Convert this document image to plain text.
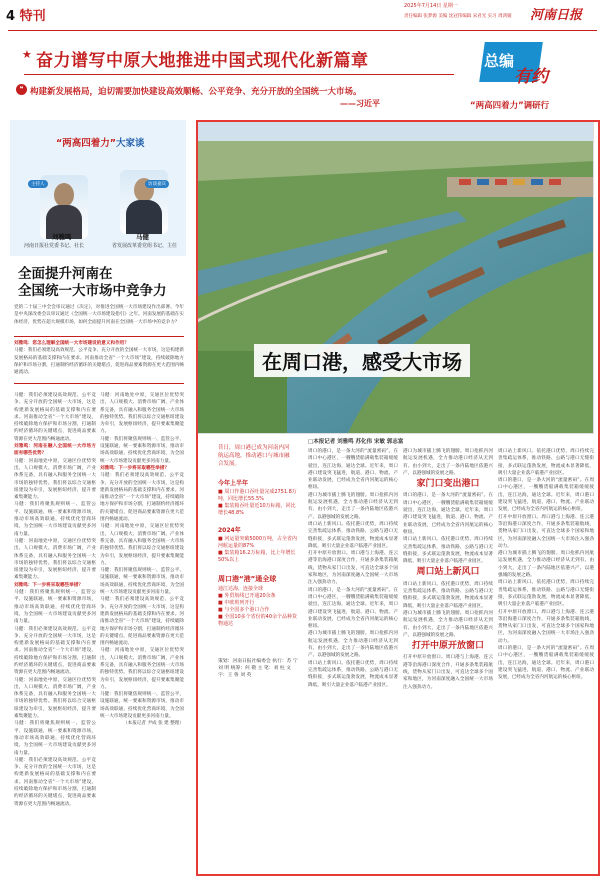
4 特刊
2025年7月14日 星期一
责任编辑 张梦源 美编 沈冠伟编辑 宋君光 实习 周鸿媛	河南日报
★ 奋力谱写中原大地推进中国式现代化新篇章
❝ 构建新发展格局，迫切需要加快建设高效顺畅、公平竞争、充分开放的全国统一大市场。
——习近平
总编
有约
“两高四着力”调研行
“两高四着力”大家谈
主持人	访谈嘉宾
刘雅鸣
河南日报社党委书记、社长
马健
省发展改革委党组书记、主任
全面提升河南在
全国统一大市场中竞争力
党的二十届三中全会审议通过《决定》，对推进全国统一大市场建设作出部署。今年是中央深改委会议审议通过《全国统一大市场建设指引》之年。河南发展的基础在实体经济，优势在超大规模市场，如何全面提升河南在全国统一大市场中的竞争力？
刘雅鸣：您怎么理解全国统一大市场建设的意义和作用？
马健：我们必须建设高效规范、公平竞争、充分开放的全国统一大市场，这是构建新发展格局的基础支撑和内在要求。河南推动全省“一个大市场”建设，持续破除地方保护和市场分割，打通制约经济循环的关键堵点，促进商品要素资源在更大范围内畅通流动。
马健：我们必须建设高效规范、公平竞争、充分开放的全国统一大市场，这是构建新发展格局的基础支撑和内在要求。河南推动全省“一个大市场”建设，持续破除地方保护和市场分割，打通制约经济循环的关键堵点，促进商品要素资源在更大范围内畅通流动。
刘雅鸣：河南在融入全国统一大市场方面有哪些优势？
马健：河南地处中原，交通区位优势突出，人口规模大、消费市场广阔，产业体系完备，具有融入和服务全国统一大市场的独特优势。我们将以综合交通枢纽建设为牵引，发展枢纽经济，提升要素集聚能力。
马健：我们将聚焦规则统一、监管公平、设施联通，统一要素和资源市场，推动市场高效联通，持续优化营商环境，为全国统一大市场建设贡献更多河南力量。
马健：河南地处中原，交通区位优势突出，人口规模大、消费市场广阔，产业体系完备，具有融入和服务全国统一大市场的独特优势。我们将以综合交通枢纽建设为牵引，发展枢纽经济，提升要素集聚能力。
刘雅鸣：下一步将采取哪些举措？
马健：我们将聚焦规则统一、监管公平、设施联通，统一要素和资源市场，推动市场高效联通，持续优化营商环境，为全国统一大市场建设贡献更多河南力量。
马健：我们必须建设高效规范、公平竞争、充分开放的全国统一大市场，这是构建新发展格局的基础支撑和内在要求。河南推动全省“一个大市场”建设，持续破除地方保护和市场分割，打通制约经济循环的关键堵点，促进商品要素资源在更大范围内畅通流动。
马健：河南地处中原，交通区位优势突出，人口规模大、消费市场广阔，产业体系完备，具有融入和服务全国统一大市场的独特优势。我们将以综合交通枢纽建设为牵引，发展枢纽经济，提升要素集聚能力。
马健：我们将聚焦规则统一、监管公平、设施联通，统一要素和资源市场，推动市场高效联通，持续优化营商环境，为全国统一大市场建设贡献更多河南力量。
马健：我们必须建设高效规范、公平竞争、充分开放的全国统一大市场，这是构建新发展格局的基础支撑和内在要求。河南推动全省“一个大市场”建设，持续破除地方保护和市场分割，打通制约经济循环的关键堵点，促进商品要素资源在更大范围内畅通流动。
马健：河南地处中原，交通区位优势突出，人口规模大、消费市场广阔，产业体系完备，具有融入和服务全国统一大市场的独特优势。我们将以综合交通枢纽建设为牵引，发展枢纽经济，提升要素集聚能力。
马健：我们将聚焦规则统一、监管公平、设施联通，统一要素和资源市场，推动市场高效联通，持续优化营商环境，为全国统一大市场建设贡献更多河南力量。
刘雅鸣：下一步将采取哪些举措？
马健：我们必须建设高效规范、公平竞争、充分开放的全国统一大市场，这是构建新发展格局的基础支撑和内在要求。河南推动全省“一个大市场”建设，持续破除地方保护和市场分割，打通制约经济循环的关键堵点，促进商品要素资源在更大范围内畅通流动。
马健：河南地处中原，交通区位优势突出，人口规模大、消费市场广阔，产业体系完备，具有融入和服务全国统一大市场的独特优势。我们将以综合交通枢纽建设为牵引，发展枢纽经济，提升要素集聚能力。
马健：我们将聚焦规则统一、监管公平、设施联通，统一要素和资源市场，推动市场高效联通，持续优化营商环境，为全国统一大市场建设贡献更多河南力量。
马健：我们必须建设高效规范、公平竞争、充分开放的全国统一大市场，这是构建新发展格局的基础支撑和内在要求。河南推动全省“一个大市场”建设，持续破除地方保护和市场分割，打通制约经济循环的关键堵点，促进商品要素资源在更大范围内畅通流动。
马健：河南地处中原，交通区位优势突出，人口规模大、消费市场广阔，产业体系完备，具有融入和服务全国统一大市场的独特优势。我们将以综合交通枢纽建设为牵引，发展枢纽经济，提升要素集聚能力。
马健：我们将聚焦规则统一、监管公平、设施联通，统一要素和资源市场，推动市场高效联通，持续优化营商环境，为全国统一大市场建设贡献更多河南力量。
（本报记者 尹成 张 建 整理）
在周口港，感受大市场
昔日，周口港已成为河南内河航运高地，推动港口与城市融合发展。
今年上半年
■ 周口作港口吞吐量完成2751.8万吨，同比增长55.5%
■ 集装箱吞吐量近10万标箱，同比增长48.8%
2024年
■ 河运量突破5000万吨，占全省内河航运量的87%
■ 集装箱16.2万标箱，比上年增长50%以上
周口港“港”通全球
通江达海，连接全球
■ 外贸航线已开通20余条
■ 中欧班列开行
■ 与全国多个港口合作
■ 全国10多个省份的40余个品种货物通达
策划：河南日报社编委会 执行：苏 宁 刘 明 统筹：何 敬 主 笔：刘 柱 文字：王 鲁 刘 英
□本报记者 刘雅鸣 苏化伟 宋敏 郭志富
周口的港口，是一条大河的“流量密码”。在周口中心港区，一艘艘货船满载集装箱缓缓驶出，连江达海，通达全球。近年来，周口港口建设突飞猛进，航道、港口、物流、产业联动发展，已经成为全省内河航运的核心枢纽。
港口为城市插上腾飞的翅膀。周口抢抓内河航运发展机遇，全力推动港口经济从无到有、由小到大，走出了一条内陆地区依港兴产、以港强城的发展之路。
周口站上新风口。依托港口优势，周口持续完善集疏运体系，推动铁路、公路与港口无缝衔接，多式联运蓬勃发展，物流成本显著降低，吸引大量企业落户临港产业园区。
打开中原开放窗口。周口港与上海港、连云港等沿海港口深度合作，开通多条集装箱航线，货物从家门口出发，可直达全球多个国家和地区，为河南深度融入全国统一大市场注入强劲动力。
周口的港口，是一条大河的“流量密码”。在周口中心港区，一艘艘货船满载集装箱缓缓驶出，连江达海，通达全球。近年来，周口港口建设突飞猛进，航道、港口、物流、产业联动发展，已经成为全省内河航运的核心枢纽。
港口为城市插上腾飞的翅膀。周口抢抓内河航运发展机遇，全力推动港口经济从无到有、由小到大，走出了一条内陆地区依港兴产、以港强城的发展之路。
周口站上新风口。依托港口优势，周口持续完善集疏运体系，推动铁路、公路与港口无缝衔接，多式联运蓬勃发展，物流成本显著降低，吸引大量企业落户临港产业园区。
港口为城市插上腾飞的翅膀。周口抢抓内河航运发展机遇，全力推动港口经济从无到有、由小到大，走出了一条内陆地区依港兴产、以港强城的发展之路。
家门口变出港口
周口的港口，是一条大河的“流量密码”。在周口中心港区，一艘艘货船满载集装箱缓缓驶出，连江达海，通达全球。近年来，周口港口建设突飞猛进，航道、港口、物流、产业联动发展，已经成为全省内河航运的核心枢纽。
周口站上新风口。依托港口优势，周口持续完善集疏运体系，推动铁路、公路与港口无缝衔接，多式联运蓬勃发展，物流成本显著降低，吸引大量企业落户临港产业园区。
周口站上新风口
周口站上新风口。依托港口优势，周口持续完善集疏运体系，推动铁路、公路与港口无缝衔接，多式联运蓬勃发展，物流成本显著降低，吸引大量企业落户临港产业园区。
港口为城市插上腾飞的翅膀。周口抢抓内河航运发展机遇，全力推动港口经济从无到有、由小到大，走出了一条内陆地区依港兴产、以港强城的发展之路。
打开中原开放窗口
打开中原开放窗口。周口港与上海港、连云港等沿海港口深度合作，开通多条集装箱航线，货物从家门口出发，可直达全球多个国家和地区，为河南深度融入全国统一大市场注入强劲动力。
周口站上新风口。依托港口优势，周口持续完善集疏运体系，推动铁路、公路与港口无缝衔接，多式联运蓬勃发展，物流成本显著降低，吸引大量企业落户临港产业园区。
周口的港口，是一条大河的“流量密码”。在周口中心港区，一艘艘货船满载集装箱缓缓驶出，连江达海，通达全球。近年来，周口港口建设突飞猛进，航道、港口、物流、产业联动发展，已经成为全省内河航运的核心枢纽。
打开中原开放窗口。周口港与上海港、连云港等沿海港口深度合作，开通多条集装箱航线，货物从家门口出发，可直达全球多个国家和地区，为河南深度融入全国统一大市场注入强劲动力。
港口为城市插上腾飞的翅膀。周口抢抓内河航运发展机遇，全力推动港口经济从无到有、由小到大，走出了一条内陆地区依港兴产、以港强城的发展之路。
周口站上新风口。依托港口优势，周口持续完善集疏运体系，推动铁路、公路与港口无缝衔接，多式联运蓬勃发展，物流成本显著降低，吸引大量企业落户临港产业园区。
打开中原开放窗口。周口港与上海港、连云港等沿海港口深度合作，开通多条集装箱航线，货物从家门口出发，可直达全球多个国家和地区，为河南深度融入全国统一大市场注入强劲动力。
周口的港口，是一条大河的“流量密码”。在周口中心港区，一艘艘货船满载集装箱缓缓驶出，连江达海，通达全球。近年来，周口港口建设突飞猛进，航道、港口、物流、产业联动发展，已经成为全省内河航运的核心枢纽。
